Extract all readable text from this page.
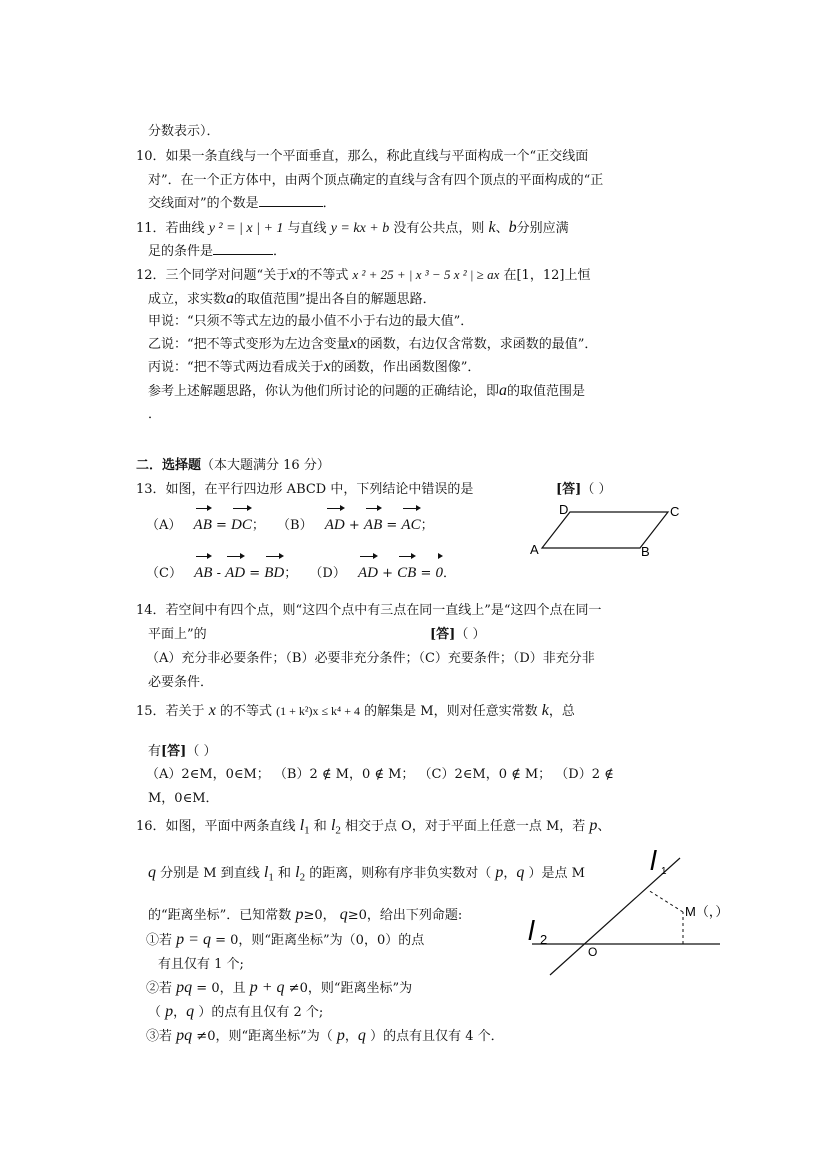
分数表示）．
10．如果一条直线与一个平面垂直，那么，称此直线与平面构成一个“正交线面
对”．在一个正方体中，由两个顶点确定的直线与含有四个顶点的平面构成的“正
交线面对”的个数是	．
11．若曲线 y ² = | x | + 1 与直线 y = kx + b 没有公共点，则 k、b分别应满
足的条件是	．
12．三个同学对问题“关于x的不等式 x ² + 25 + | x ³ − 5 x ² | ≥ ax 在[1，12]上恒
成立，求实数a的取值范围”提出各自的解题思路．
甲说：“只须不等式左边的最小值不小于右边的最大值”．
乙说：“把不等式变形为左边含变量x的函数，右边仅含常数，求函数的最值”．
丙说：“把不等式两边看成关于x的函数，作出函数图像”．
参考上述解题思路，你认为他们所讨论的问题的正确结论，即a的取值范围是
．
二．选择题（本大题满分 16 分）
13．如图，在平行四边形 ABCD 中，下列结论中错误的是	[答]（ ）
（A） AB = DC； （B） AD + AB = AC；
（C） AB - AD = BD； （D） AD + CB = 0．
A	B
C
D
14．若空间中有四个点，则“这四个点中有三点在同一直线上”是“这四个点在同一
平面上”的	[答]（ ）
（A）充分非必要条件；（B）必要非充分条件；（C）充要条件；（D）非充分非
必要条件．
15．若关于 x 的不等式 (1 + k²)x ≤ k⁴ + 4 的解集是 M，则对任意实常数 k，总
有[答]（ ）
（A）2∈M，0∈M； （B）2 ∉ M，0 ∉ M； （C）2∈M，0 ∉ M； （D）2 ∉
M，0∈M．
16．如图，平面中两条直线 $l_1$ 和 $l_2$ 相交于点 O，对于平面上任意一点 M，若 p、
q 分别是 M 到直线 $l_1$ 和 $l_2$ 的距离，则称有序非负实数对（ p，q ）是点 M
的“距离坐标”．已知常数 p≥0， q≥0，给出下列命题:
①若 p = q = 0，则“距离坐标”为（0，0）的点
有且仅有 1 个;
②若 pq = 0，且 p + q ≠0，则“距离坐标”为
（ p，q ）的点有且仅有 2 个;
③若 pq ≠0，则“距离坐标”为（ p，q ）的点有且仅有 4 个．
l 1
l 2
O
M（，）
